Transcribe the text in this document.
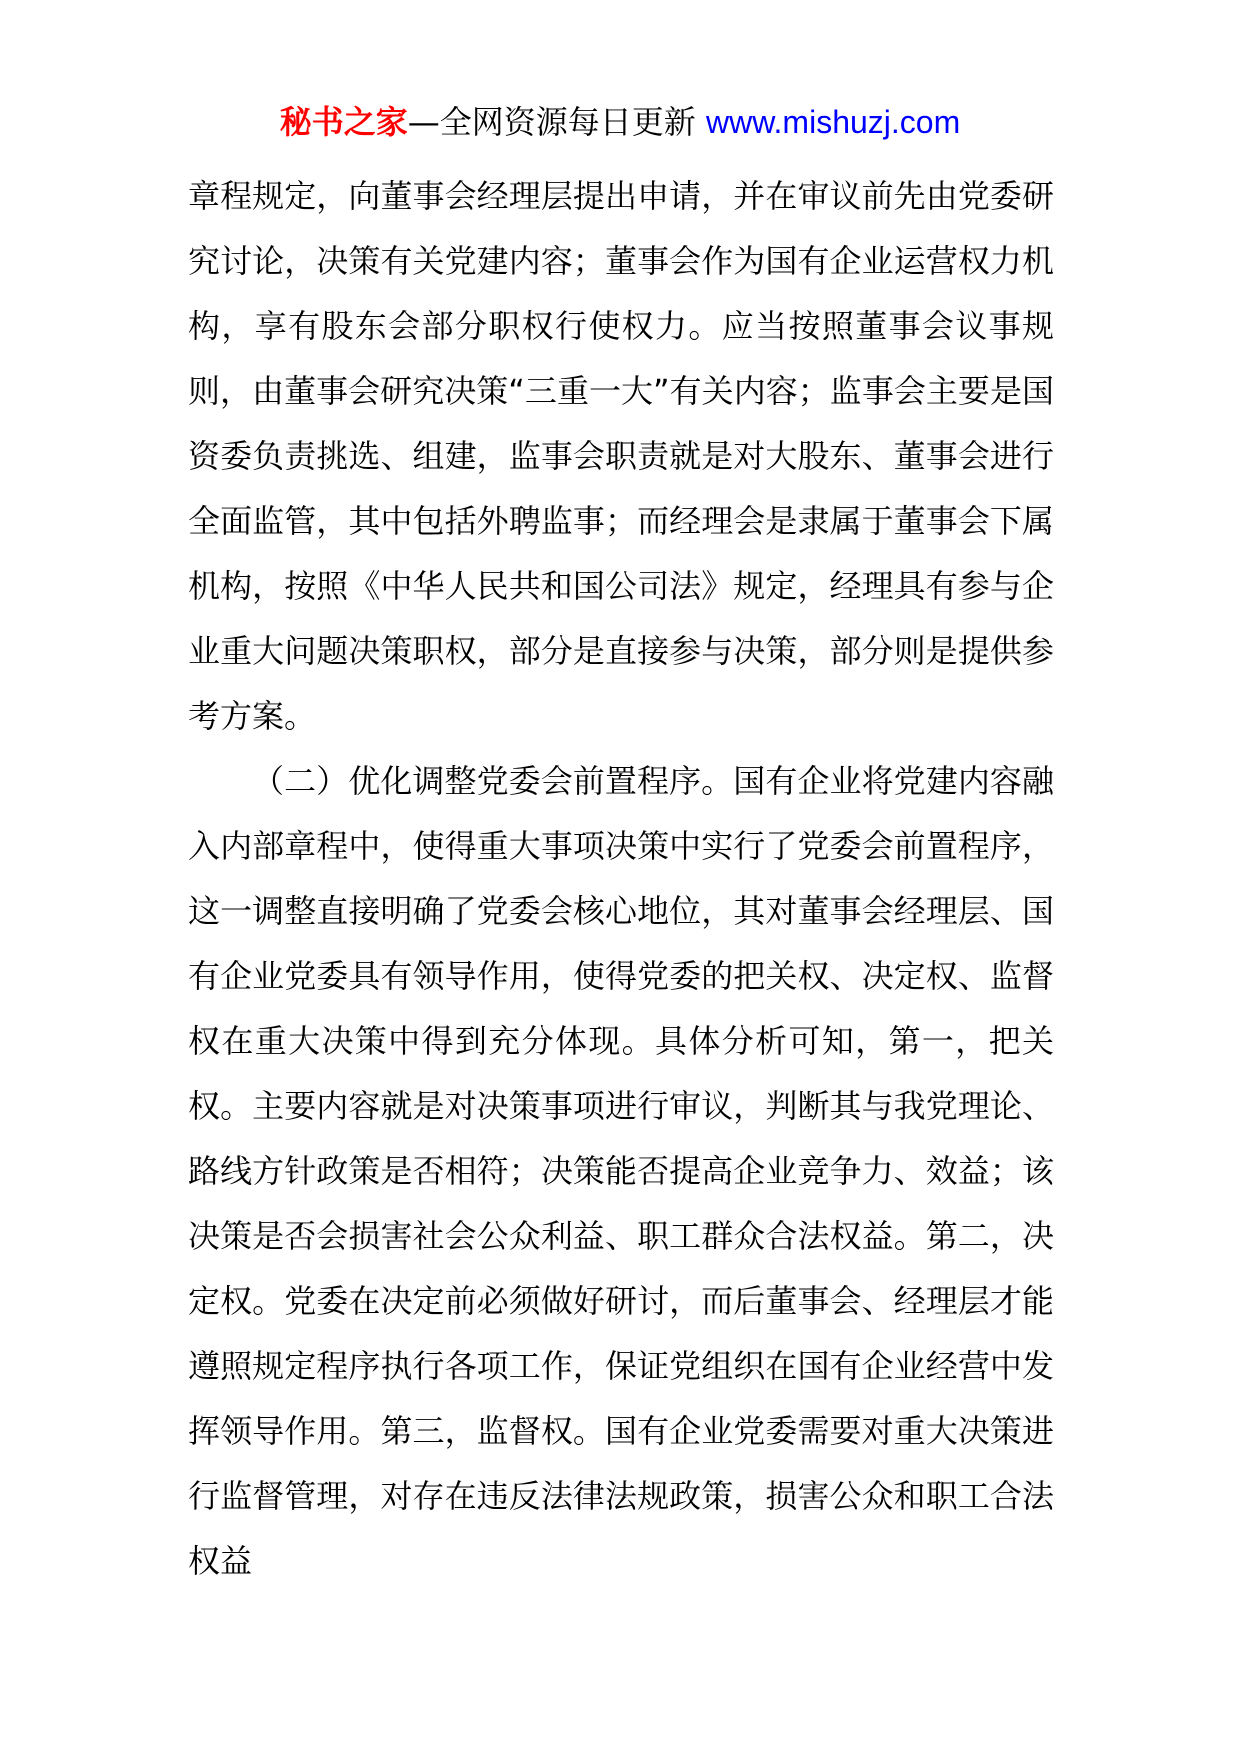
秘书之家—全网资源每日更新 www.mishuzj.com

章程规定，向董事会经理层提出申请，并在审议前先由党委研究讨论，决策有关党建内容；董事会作为国有企业运营权力机构，享有股东会部分职权行使权力。应当按照董事会议事规则，由董事会研究决策“三重一大”有关内容；监事会主要是国资委负责挑选、组建，监事会职责就是对大股东、董事会进行全面监管，其中包括外聘监事；而经理会是隶属于董事会下属机构，按照《中华人民共和国公司法》规定，经理具有参与企业重大问题决策职权，部分是直接参与决策，部分则是提供参考方案。

（二）优化调整党委会前置程序。国有企业将党建内容融入内部章程中，使得重大事项决策中实行了党委会前置程序，这一调整直接明确了党委会核心地位，其对董事会经理层、国有企业党委具有领导作用，使得党委的把关权、决定权、监督权在重大决策中得到充分体现。具体分析可知，第一，把关权。主要内容就是对决策事项进行审议，判断其与我党理论、路线方针政策是否相符；决策能否提高企业竞争力、效益；该决策是否会损害社会公众利益、职工群众合法权益。第二，决定权。党委在决定前必须做好研讨，而后董事会、经理层才能遵照规定程序执行各项工作，保证党组织在国有企业经营中发挥领导作用。第三，监督权。国有企业党委需要对重大决策进行监督管理，对存在违反法律法规政策，损害公众和职工合法权益
